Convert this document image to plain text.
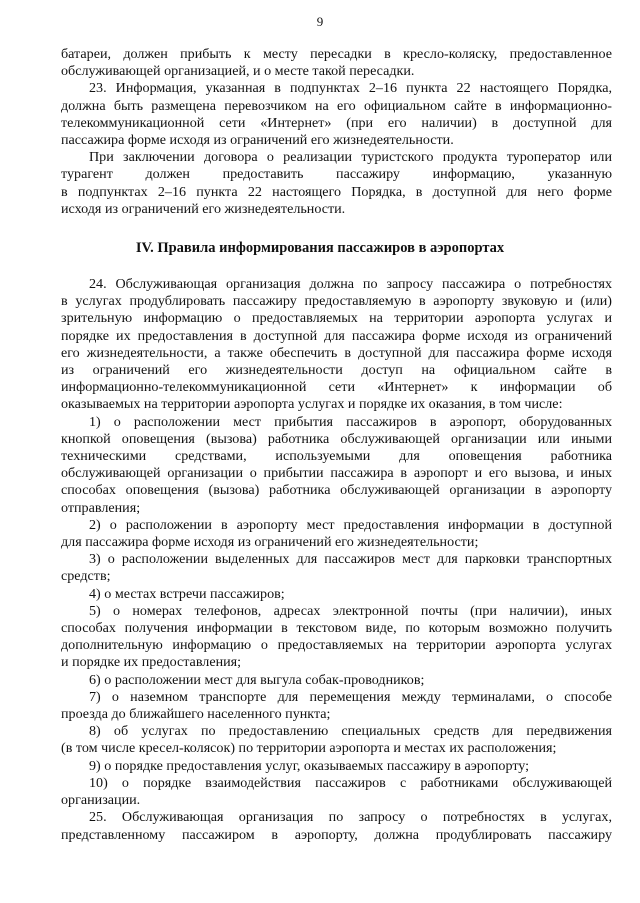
9
батареи, должен прибыть к месту пересадки в кресло-коляску, предоставленное
обслуживающей организацией, и о месте такой пересадки.
23. Информация, указанная в подпунктах 2–16 пункта 22 настоящего Порядка,
должна быть размещена перевозчиком на его официальном сайте в информационно-
телекоммуникационной сети «Интернет» (при его наличии) в доступной для
пассажира форме исходя из ограничений его жизнедеятельности.
При заключении договора о реализации туристского продукта туроператор или
турагент должен предоставить пассажиру информацию, указанную
в подпунктах 2–16 пункта 22 настоящего Порядка, в доступной для него форме
исходя из ограничений его жизнедеятельности.
IV. Правила информирования пассажиров в аэропортах
24. Обслуживающая организация должна по запросу пассажира о потребностях
в услугах продублировать пассажиру предоставляемую в аэропорту звуковую и (или)
зрительную информацию о предоставляемых на территории аэропорта услугах и
порядке их предоставления в доступной для пассажира форме исходя из ограничений
его жизнедеятельности, а также обеспечить в доступной для пассажира форме исходя
из ограничений его жизнедеятельности доступ на официальном сайте в
информационно-телекоммуникационной сети «Интернет» к информации об
оказываемых на территории аэропорта услугах и порядке их оказания, в том числе:
1) о расположении мест прибытия пассажиров в аэропорт, оборудованных
кнопкой оповещения (вызова) работника обслуживающей организации или иными
техническими средствами, используемыми для оповещения работника
обслуживающей организации о прибытии пассажира в аэропорт и его вызова, и иных
способах оповещения (вызова) работника обслуживающей организации в аэропорту
отправления;
2) о расположении в аэропорту мест предоставления информации в доступной
для пассажира форме исходя из ограничений его жизнедеятельности;
3) о расположении выделенных для пассажиров мест для парковки транспортных
средств;
4) о местах встречи пассажиров;
5) о номерах телефонов, адресах электронной почты (при наличии), иных
способах получения информации в текстовом виде, по которым возможно получить
дополнительную информацию о предоставляемых на территории аэропорта услугах
и порядке их предоставления;
6) о расположении мест для выгула собак-проводников;
7) о наземном транспорте для перемещения между терминалами, о способе
проезда до ближайшего населенного пункта;
8) об услугах по предоставлению специальных средств для передвижения
(в том числе кресел-колясок) по территории аэропорта и местах их расположения;
9) о порядке предоставления услуг, оказываемых пассажиру в аэропорту;
10) о порядке взаимодействия пассажиров с работниками обслуживающей
организации.
25. Обслуживающая организация по запросу о потребностях в услугах,
представленному пассажиром в аэропорту, должна продублировать пассажиру
